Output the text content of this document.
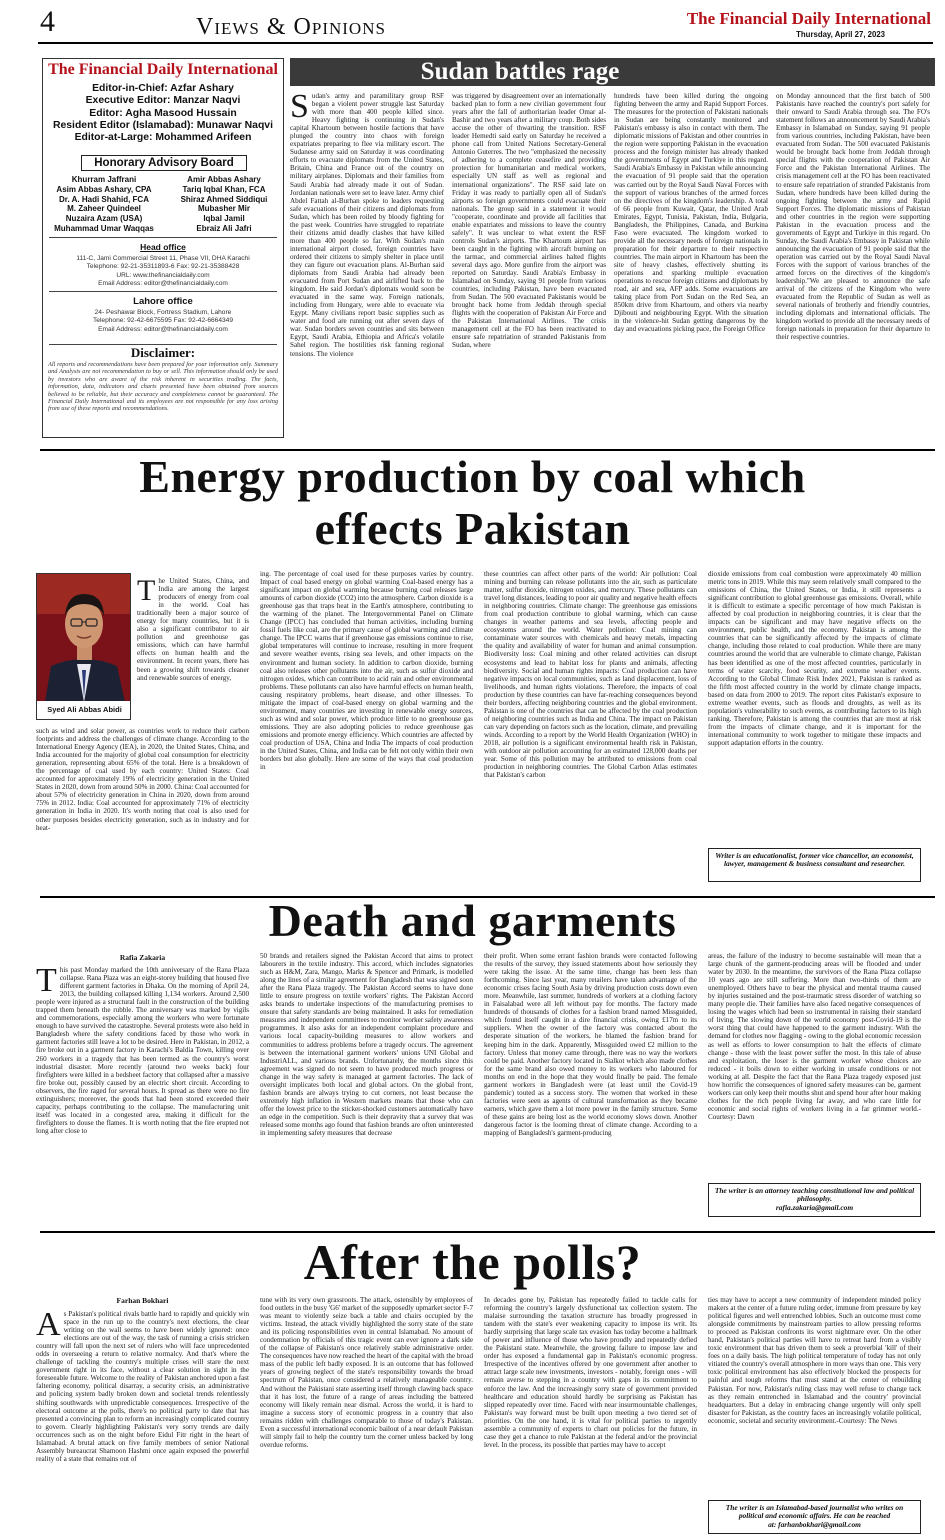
4	Views & Opinions	The Financial Daily International
Thursday, April 27, 2023
The Financial Daily International
Editor-in-Chief: Azfar Ashary
Executive Editor: Manzar Naqvi
Editor: Agha Masood Hussain
Resident Editor (Islamabad): Munawar Naqvi
Editor-at-Large: Mohammed Arifeen
Honorary Advisory Board
Khurram Jaffrani
Asim Abbas Ashary, CPA
Dr. A. Hadi Shahid, FCA
M. Zaheer Quindeel
Nuzaira Azam (USA)
Muhammad Umar Waqqas
Amir Abbas Ashary
Tariq Iqbal Khan, FCA
Shiraz Ahmed Siddiqui
Mubasher Mir
Iqbal Jamil
Ebraiz Ali Jafri
Head office
111-C, Jami Commercial Street 11, Phase VII, DHA Karachi
Telephone: 92-21-35311893-6 Fax: 92-21-35388428
URL: www.thefinancialdaily.com
Email Address: editor@thefinancialdaily.com
Lahore office
24- Peshawar Block, Fortress Stadium, Lahore
Telephone: 92-42-6675595 Fax: 92-42-6664349
Email Address: editor@thefinancialdaily.com
Disclaimer:
All reports and recommendations have been prepared for your information only. Summary and Analysis are not recommendation to buy or sell. This information should only be used by investors who are aware of the risk inherent in securities trading. The facts, information, data, indicators and charts presented have been obtained from sources believed to be reliable, but their accuracy and completeness cannot be guaranteed. The Financial Daily International and its employees are not responsible for any loss arising from use of these reports and recommendations.
Sudan battles rage
Sudan's army and paramilitary group RSF began a violent power struggle last Saturday with more than 400 people killed since. Heavy fighting is continuing in Sudan's capital Khartoum between hostile factions that have plunged the country into chaos with foreign expatriates preparing to flee via military escort. The Sudanese army said on Saturday it was coordinating efforts to evacuate diplomats from the United States, Britain, China and France out of the country on military airplanes. Diplomats and their families from Saudi Arabia had already made it out of Sudan. Jordanian nationals were set to leave later. Army chief Abdel Fattah al-Burhan spoke to leaders requesting safe evacuations of their citizens and diplomats from Sudan, which has been roiled by bloody fighting for the past week. Countries have struggled to repatriate their citizens amid deadly clashes that have killed more than 400 people so far. With Sudan's main international airport closed, foreign countries have ordered their citizens to simply shelter in place until they can figure out evacuation plans. Al-Burhan said diplomats from Saudi Arabia had already been evacuated from Port Sudan and airlifted back to the kingdom. He said Jordan's diplomats would soon be evacuated in the same way. Foreign nationals, including from Hungary, were able to evacuate via Egypt. Many civilians report basic supplies such as water and food are running out after seven days of war. Sudan borders seven countries and sits between Egypt, Saudi Arabia, Ethiopia and Africa's volatile Sahel region. The hostilities risk fanning regional tensions. The violence
was triggered by disagreement over an internationally backed plan to form a new civilian government four years after the fall of authoritarian leader Omar al-Bashir and two years after a military coup. Both sides accuse the other of thwarting the transition. RSF leader Hemedti said early on Saturday he received a phone call from United Nations Secretary-General Antonio Guterres. The two "emphasized the necessity of adhering to a complete ceasefire and providing protection for humanitarian and medical workers, especially UN staff as well as regional and international organizations". The RSF said late on Friday it was ready to partially open all of Sudan's airports so foreign governments could evacuate their nationals. The group said in a statement it would "cooperate, coordinate and provide all facilities that enable expatriates and missions to leave the country safely". It was unclear to what extent the RSF controls Sudan's airports. The Khartoum airport has been caught in the fighting with aircraft burning on the tarmac, and commercial airlines halted flights several days ago. More gunfire from the airport was reported on Saturday. Saudi Arabia's Embassy in Islamabad on Sunday, saying 91 people from various countries, including Pakistan, have been evacuated from Sudan. The 500 evacuated Pakistanis would be brought back home from Jeddah through special flights with the cooperation of Pakistan Air Force and the Pakistan International Airlines. The crisis management cell at the FO has been reactivated to ensure safe repatriation of stranded Pakistanis from Sudan, where
hundreds have been killed during the ongoing fighting between the army and Rapid Support Forces. The measures for the protection of Pakistani nationals in Sudan are being constantly monitored and Pakistan's embassy is also in contact with them. The diplomatic missions of Pakistan and other countries in the region were supporting Pakistan in the evacuation process and the foreign minister has already thanked the governments of Egypt and Turkiye in this regard. Saudi Arabia's Embassy in Pakistan while announcing the evacuation of 91 people said that the operation was carried out by the Royal Saudi Naval Forces with the support of various branches of the armed forces on the directives of the kingdom's leadership. A total of 66 people from Kuwait, Qatar, the United Arab Emirates, Egypt, Tunisia, Pakistan, India, Bulgaria, Bangladesh, the Philippines, Canada, and Burkina Faso were evacuated. The kingdom worked to provide all the necessary needs of foreign nationals in preparation for their departure to their respective countries. The main airport in Khartoum has been the site of heavy clashes, effectively shutting its operations and sparking multiple evacuation operations to rescue foreign citizens and diplomats by road, air and sea, AFP adds. Some evacuations are taking place from Port Sudan on the Red Sea, an 850km drive from Khartoum, and others via nearby Djibouti and neighbouring Egypt. With the situation in the violence-hit Sudan getting dangerous by the day and evacuations picking pace, the Foreign Office
on Monday announced that the first batch of 500 Pakistanis have reached the country's port safely for their onward to Saudi Arabia through sea. The FO's statement follows an announcement by Saudi Arabia's Embassy in Islamabad on Sunday, saying 91 people from various countries, including Pakistan, have been evacuated from Sudan. The 500 evacuated Pakistanis would be brought back home from Jeddah through special flights with the cooperation of Pakistan Air Force and the Pakistan International Airlines. The crisis management cell at the FO has been reactivated to ensure safe repatriation of stranded Pakistanis from Sudan, where hundreds have been killed during the ongoing fighting between the army and Rapid Support Forces. The diplomatic missions of Pakistan and other countries in the region were supporting Pakistan in the evacuation process and the governments of Egypt and Turkiye in this regard. On Sunday, the Saudi Arabia's Embassy in Pakistan while announcing the evacuation of 91 people said that the operation was carried out by the Royal Saudi Naval Forces with the support of various branches of the armed forces on the directives of the kingdom's leadership."We are pleased to announce the safe arrival of the citizens of the Kingdom who were evacuated from the Republic of Sudan as well as several nationals of brotherly and friendly countries, including diplomats and international officials. The kingdom worked to provide all the necessary needs of foreign nationals in preparation for their departure to their respective countries.
Energy production by coal which
effects Pakistan
Syed Ali Abbas Abidi
The United States, China, and India are among the largest producers of energy from coal in the world. Coal has traditionally been a major source of energy for many countries, but it is also a significant contributor to air pollution and greenhouse gas emissions, which can have harmful effects on human health and the environment. In recent years, there has been a growing shift towards cleaner and renewable sources of energy,
such as wind and solar power, as countries work to reduce their carbon footprints and address the challenges of climate change. According to the International Energy Agency (IEA), in 2020, the United States, China, and India accounted for the majority of global coal consumption for electricity generation, representing about 65% of the total. Here is a breakdown of the percentage of coal used by each country: United States: Coal accounted for approximately 19% of electricity generation in the United States in 2020, down from around 50% in 2000. China: Coal accounted for about 57% of electricity generation in China in 2020, down from around 75% in 2012. India: Coal accounted for approximately 71% of electricity generation in India in 2020. It's worth noting that coal is also used for other purposes besides electricity generation, such as in industry and for heat-
ing. The percentage of coal used for these purposes varies by country. Impact of coal based energy on global warming Coal-based energy has a significant impact on global warming because burning coal releases large amounts of carbon dioxide (CO2) into the atmosphere. Carbon dioxide is a greenhouse gas that traps heat in the Earth's atmosphere, contributing to the warming of the planet. The Intergovernmental Panel on Climate Change (IPCC) has concluded that human activities, including burning fossil fuels like coal, are the primary cause of global warming and climate change. The IPCC warns that if greenhouse gas emissions continue to rise, global temperatures will continue to increase, resulting in more frequent and severe weather events, rising sea levels, and other impacts on the environment and human society. In addition to carbon dioxide, burning coal also releases other pollutants into the air, such as sulfur dioxide and nitrogen oxides, which can contribute to acid rain and other environmental problems. These pollutants can also have harmful effects on human health, causing respiratory problems, heart disease, and other illnesses. To mitigate the impact of coal-based energy on global warming and the environment, many countries are investing in renewable energy sources, such as wind and solar power, which produce little to no greenhouse gas emissions. They are also adopting policies to reduce greenhouse gas emissions and promote energy efficiency. Which countries are affected by coal production of USA, China and India The impacts of coal production in the United States, China, and India can be felt not only within their own borders but also globally. Here are some of the ways that coal production in
these countries can affect other parts of the world: Air pollution: Coal mining and burning can release pollutants into the air, such as particulate matter, sulfur dioxide, nitrogen oxides, and mercury. These pollutants can travel long distances, leading to poor air quality and negative health effects in neighboring countries. Climate change: The greenhouse gas emissions from coal production contribute to global warming, which can cause changes in weather patterns and sea levels, affecting people and ecosystems around the world. Water pollution: Coal mining can contaminate water sources with chemicals and heavy metals, impacting the quality and availability of water for human and animal consumption. Biodiversity loss: Coal mining and other related activities can disrupt ecosystems and lead to habitat loss for plants and animals, affecting biodiversity. Social and human rights impacts: Coal production can have negative impacts on local communities, such as land displacement, loss of livelihoods, and human rights violations. Therefore, the impacts of coal production by these countries can have far-reaching consequences beyond their borders, affecting neighboring countries and the global environment. Pakistan is one of the countries that can be affected by the coal production of neighboring countries such as India and China. The impact on Pakistan can vary depending on factors such as the location, climate, and prevailing winds. According to a report by the World Health Organization (WHO) in 2018, air pollution is a significant environmental health risk in Pakistan, with outdoor air pollution accounting for an estimated 128,000 deaths per year. Some of this pollution may be attributed to emissions from coal production in neighboring countries. The Global Carbon Atlas estimates that Pakistan's carbon
dioxide emissions from coal combustion were approximately 40 million metric tons in 2019. While this may seem relatively small compared to the emissions of China, the United States, or India, it still represents a significant contribution to global greenhouse gas emissions. Overall, while it is difficult to estimate a specific percentage of how much Pakistan is affected by coal production in neighboring countries, it is clear that the impacts can be significant and may have negative effects on the environment, public health, and the economy. Pakistan is among the countries that can be significantly affected by the impacts of climate change, including those related to coal production. While there are many countries around the world that are vulnerable to climate change, Pakistan has been identified as one of the most affected countries, particularly in terms of water scarcity, food security, and extreme weather events. According to the Global Climate Risk Index 2021, Pakistan is ranked as the fifth most affected country in the world by climate change impacts, based on data from 2000 to 2019. The report cites Pakistan's exposure to extreme weather events, such as floods and droughts, as well as its population's vulnerability to such events, as contributing factors to its high ranking. Therefore, Pakistan is among the countries that are most at risk from the impacts of climate change, and it is important for the international community to work together to mitigate these impacts and support adaptation efforts in the country.
Writer is an educationalist, former vice chancellor, an economist, lawyer, management & business consultant and researcher.
Death and garments
Rafia Zakaria
This past Monday marked the 10th anniversary of the Rana Plaza collapse. Rana Plaza was an eight-storey building that housed five different garment factories in Dhaka. On the morning of April 24, 2013, the building collapsed killing 1,134 workers. Around 2,500 people were injured as a structural fault in the construction of the building trapped them beneath the rubble. The anniversary was marked by vigils and commemorations, especially among the workers who were fortunate enough to have survived the catastrophe. Several protests were also held in Bangladesh where the safety conditions faced by those who work in garment factories still leave a lot to be desired. Here in Pakistan, in 2012, a fire broke out in a garment factory in Karachi's Baldia Town, killing over 260 workers in a tragedy that has been termed as the country's worst industrial disaster. More recently (around two weeks back) four firefighters were killed in a bedsheet factory that collapsed after a massive fire broke out, possibly caused by an electric short circuit. According to observers, the fire raged for several hours. It spread as there were no fire extinguishers; moreover, the goods that had been stored exceeded their capacity, perhaps contributing to the collapse. The manufacturing unit itself was located in a congested area, making it difficult for the firefighters to douse the flames. It is worth noting that the fire erupted not long after close to
50 brands and retailers signed the Pakistan Accord that aims to protect labourers in the textile industry. This accord, which includes signatories such as H&M, Zara, Mango, Marks & Spencer and Primark, is modelled along the lines of a similar agreement for Bangladesh that was signed soon after the Rana Plaza tragedy. The Pakistan Accord seems to have done little to ensure progress on textile workers' rights. The Pakistan Accord asks brands to undertake inspections of the manufacturing premises to ensure that safety standards are being maintained. It asks for remediation measures and independent committees to monitor worker safety awareness programmes. It also asks for an independent complaint procedure and various local capacity-building measures to allow workers and communities to address problems before a tragedy occurs. The agreement is between the international garment workers' unions UNI Global and IndustriALL, and various brands. Unfortunately, the months since this agreement was signed do not seem to have produced much progress or change in the way safety is managed at garment factories. The lack of oversight implicates both local and global actors. On the global front, fashion brands are always trying to cut corners, not least because the extremely high inflation in Western markets means that those who can offer the lowest price to the sticker-shocked customers automatically have an edge in the competition. Such is their depravity that a survey that was released some months ago found that fashion brands are often uninterested in implementing safety measures that decrease
their profit. When some errant fashion brands were contacted following the results of the survey, they issued statements about how seriously they were taking the issue. At the same time, change has been less than forthcoming. Since last year, many retailers have taken advantage of the economic crises facing South Asia by driving production costs down even more. Meanwhile, last summer, hundreds of workers at a clothing factory in Faisalabad were all left without pay for months. The factory made hundreds of thousands of clothes for a fashion brand named Missguided, which found itself caught in a dire financial crisis, owing £17m to its suppliers. When the owner of the factory was contacted about the desperate situation of the workers, he blamed the fashion brand for keeping him in the dark. Apparently, Missguided owed £2 million to the factory. Unless that money came through, there was no way the workers could be paid. Another factory located in Sialkot which also made clothes for the same brand also owed money to its workers who laboured for months on end in the hope that they would finally be paid. The female garment workers in Bangladesh were (at least until the Covid-19 pandemic) touted as a success story. The women that worked in these factories were seen as agents of cultural transformation as they became earners, which gave them a lot more power in the family structure. Some of these gains are being lost as the world economy slows down. Another dangerous factor is the looming threat of climate change. According to a mapping of Bangladesh's garment-producing
areas, the failure of the industry to become sustainable will mean that a large chunk of the garment-producing areas will be flooded and under water by 2030. In the meantime, the survivors of the Rana Plaza collapse 10 years ago are still suffering. More than two-thirds of them are unemployed. Others have to bear the physical and mental trauma caused by injuries sustained and the post-traumatic stress disorder of watching so many people die. Their families have also faced negative consequences of losing the wages which had been so instrumental in raising their standard of living. The slowing down of the world economy post-Covid-19 is the worst thing that could have happened to the garment industry. With the demand for clothes now flagging - owing to the global economic recession as well as efforts to lower consumption to halt the effects of climate change - those with the least power suffer the most. In this tale of abuse and exploitation, the loser is the garment worker whose choices are reduced - it boils down to either working in unsafe conditions or not working at all. Despite the fact that the Rana Plaza tragedy exposed just how horrific the consequences of ignored safety measures can be, garment workers can only keep their mouths shut and spend hour after hour making clothes for the rich people living far away, and who care little for economic and social rights of workers living in a far grimmer world.-Courtesy: Dawn
The writer is an attorney teaching constitutional law and political philosophy.
rafia.zakaria@gmail.com
After the polls?
Farhan Bokhari
As Pakistan's political rivals battle hard to rapidly and quickly win space in the run up to the country's next elections, the clear writing on the wall seems to have been widely ignored: once elections are out of the way, the task of running a crisis stricken country will fall upon the next set of rulers who will face unprecedented odds in overseeing a return to relative normalcy. And that's where the challenge of tackling the country's multiple crises will stare the next government right in its face, without a clear solution in sight in the foreseeable future. Welcome to the reality of Pakistan anchored upon a fast faltering economy, political disarray, a security crisis, an administrative and policing system badly broken down and societal trends relentlessly shifting southwards with unpredictable consequences. Irrespective of the electoral outcome at the polls, there's no political party to date that has presented a convincing plan to reform an increasingly complicated country to govern. Clearly highlighting Pakistan's very sorry trends are daily occurrences such as on the night before Eidul Fitr right in the heart of Islamabad. A brutal attack on five family members of senior National Assembly bureaucrat Shamoon Hashmi once again exposed the powerful reality of a state that remains out of
tune with its very own grassroots. The attack, ostensibly by employees of food outlets in the busy 'G6' market of the supposedly upmarket sector F-7 was meant to violently seize back a table and chairs occupied by the victims. Instead, the attack vividly highlighted the sorry state of the state and its policing responsibilities even in central Islamabad. No amount of condemnation by officials of this tragic event can ever ignore a dark side of the collapse of Pakistan's once relatively stable administrative order. The consequences have now reached the heart of the capital with the broad mass of the public left badly exposed. It is an outcome that has followed years of growing neglect of the state's responsibility towards the broad spectrum of Pakistan, once considered a relatively manageable country. And without the Pakistani state asserting itself through clawing back space that it has lost, the future of a range of areas including the battered economy will likely remain near dismal. Across the world, it is hard to imagine a success story of economic progress in a country that also remains ridden with challenges comparable to those of today's Pakistan. Even a successful international economic bailout of a near default Pakistan will simply fail to help the country turn the corner unless backed by long overdue reforms.
In decades gone by, Pakistan has repeatedly failed to tackle calls for reforming the country's largely dysfunctional tax collection system. The malaise surrounding the taxation structure has broadly progressed in tandem with the state's ever weakening capacity to impose its writ. Its hardly surprising that large scale tax evasion has today become a hallmark of power and influence of those who have proudly and repeatedly defied the Pakistani state. Meanwhile, the growing failure to impose law and order has exposed a fundamental gap in Pakistan's economic progress. Irrespective of the incentives offered by one government after another to attract large scale new investments, investors - notably, foreign ones - will remain averse to stepping in a country with gaps in its commitment to enforce the law. And the increasingly sorry state of government provided healthcare and education should hardly be surprising as Pakistan has slipped repeatedly over time. Faced with near insurmountable challenges, Pakistan's way forward must be built upon meeting a two tiered set of priorities. On the one hand, it is vital for political parties to urgently assemble a community of experts to chart out policies for the future, in case they get a chance to rule Pakistan at the federal and/or the provincial level. In the process, its possible that parties may have to accept
ties may have to accept a new community of independent minded policy makers at the center of a future ruling order, immune from pressure by key political figures and well entrenched lobbies. Such an outcome must come alongside commitments by mainstream parties to allow pressing reforms to proceed as Pakistan confronts its worst nightmare ever. On the other hand, Pakistan's political parties will have to retreat hard from a visibly toxic environment that has driven them to seek a proverbial 'kill' of their foes on a daily basis. The high political temperature of today has not only vitiated the country's overall atmosphere in more ways than one. This very toxic political environment has also effectively blocked the prospects for painful and tough reforms that must stand at the center of rebuilding Pakistan. For now, Pakistan's ruling class may well refuse to change tack as they remain entrenched in Islamabad and the country' provincial headquarters. But a delay in embracing change urgently will only spell disaster for Pakistan, as the country faces an increasingly volatile political, economic, societal and security environment.-Courtesy: The News
The writer is an Islamabad-based journalist who writes on political and economic affairs. He can be reached
at: farhanbokhari@gmail.com
